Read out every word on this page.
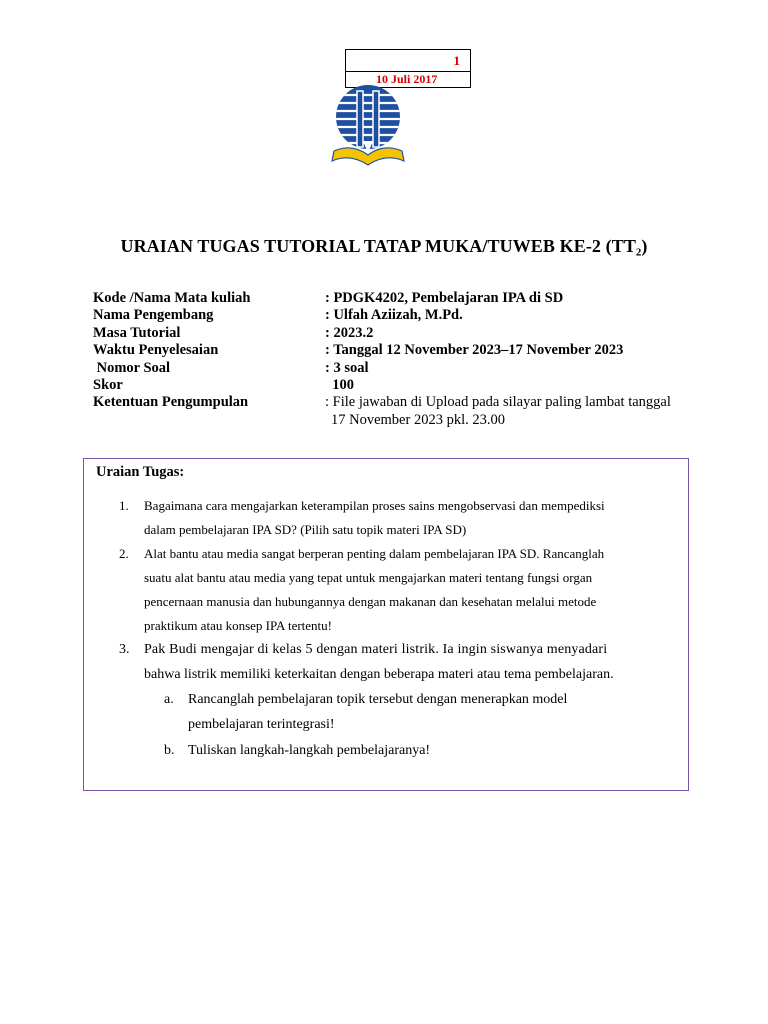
1
10 Juli 2017
URAIAN TUGAS TUTORIAL TATAP MUKA/TUWEB KE-2 (TT₂)
Kode /Nama Mata kuliah	: PDGK4202, Pembelajaran IPA di SD
Nama Pengembang	: Ulfah Aziizah, M.Pd.
Masa Tutorial	: 2023.2
Waktu Penyelesaian	: Tanggal 12 November 2023–17 November 2023
Nomor Soal	: 3 soal
Skor	100
Ketentuan Pengumpulan	: File jawaban di Upload pada silayar paling lambat tanggal
17 November 2023 pkl. 23.00
Uraian Tugas:
1. Bagaimana cara mengajarkan keterampilan proses sains mengobservasi dan mempediksi
dalam pembelajaran IPA SD? (Pilih satu topik materi IPA SD)
2. Alat bantu atau media sangat berperan penting dalam pembelajaran IPA SD. Rancanglah
suatu alat bantu atau media yang tepat untuk mengajarkan materi tentang fungsi organ
pencernaan manusia dan hubungannya dengan makanan dan kesehatan melalui metode
praktikum atau konsep IPA tertentu!
3. Pak Budi mengajar di kelas 5 dengan materi listrik. Ia ingin siswanya menyadari
bahwa listrik memiliki keterkaitan dengan beberapa materi atau tema pembelajaran.
a. Rancanglah pembelajaran topik tersebut dengan menerapkan model
pembelajaran terintegrasi!
b. Tuliskan langkah-langkah pembelajaranya!
